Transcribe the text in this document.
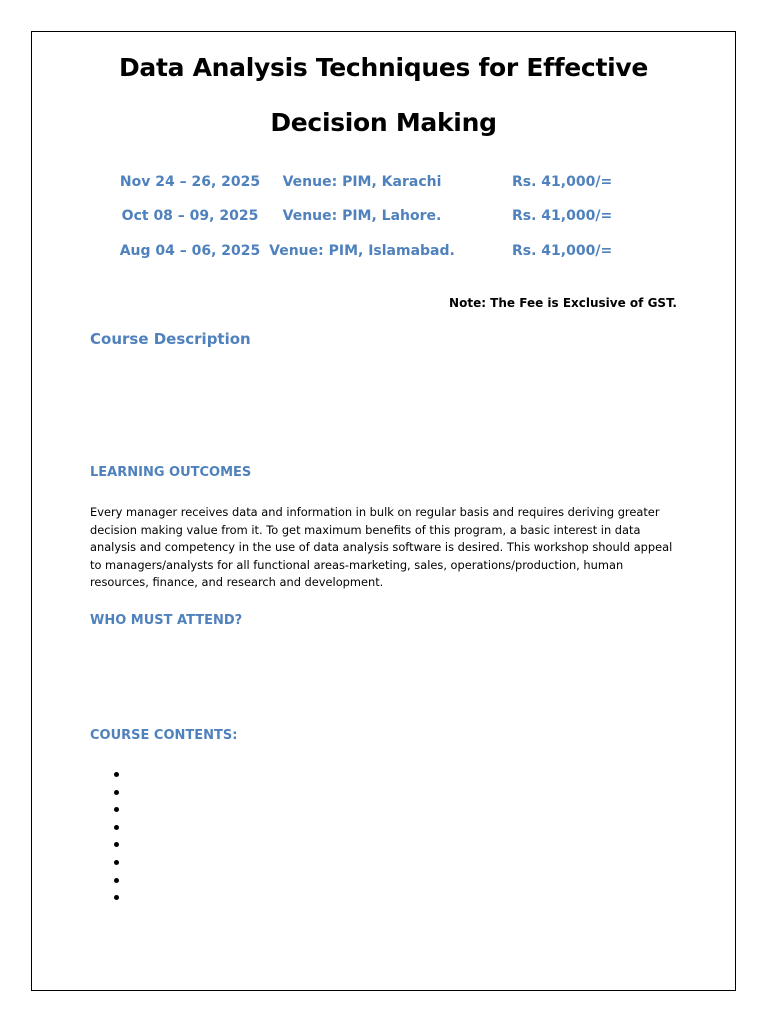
Data Analysis Techniques for Effective
Decision Making
Nov 24 – 26, 2025	Venue: PIM, Karachi	Rs. 41,000/=
Oct 08 – 09, 2025	Venue: PIM, Lahore.	Rs. 41,000/=
Aug 04 – 06, 2025 Venue: PIM, Islamabad.	Rs. 41,000/=
Note: The Fee is Exclusive of GST.
Course Description
LEARNING OUTCOMES
Every manager receives data and information in bulk on regular basis and requires deriving greater decision making value from it. To get maximum benefits of this program, a basic interest in data analysis and competency in the use of data analysis software is desired. This workshop should appeal to managers/analysts for all functional areas-marketing, sales, operations/production, human resources, finance, and research and development.
WHO MUST ATTEND?
COURSE CONTENTS:
